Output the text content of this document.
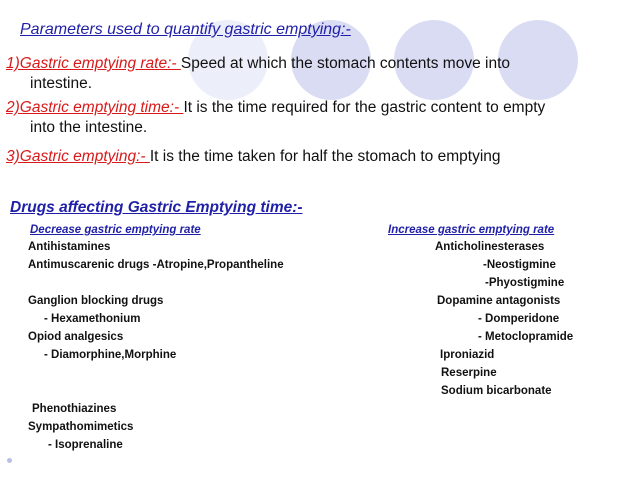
Parameters used to quantify gastric emptying:-
1)Gastric emptying rate:- Speed at which the stomach contents move into
intestine.
2)Gastric emptying time:- It is the time required for the gastric content to empty
into the intestine.
3)Gastric emptying:- It is the time taken for half the stomach to emptying
Drugs affecting Gastric Emptying time:-
Decrease gastric emptying rate
Antihistamines
Antimuscarenic drugs -Atropine,Propantheline
Ganglion blocking drugs
- Hexamethonium
Opiod analgesics
- Diamorphine,Morphine
Phenothiazines
Sympathomimetics
- Isoprenaline
Increase gastric emptying rate
Anticholinesterases
-Neostigmine
-Phyostigmine
Dopamine antagonists
- Domperidone
- Metoclopramide
Iproniazid
Reserpine
Sodium bicarbonate
